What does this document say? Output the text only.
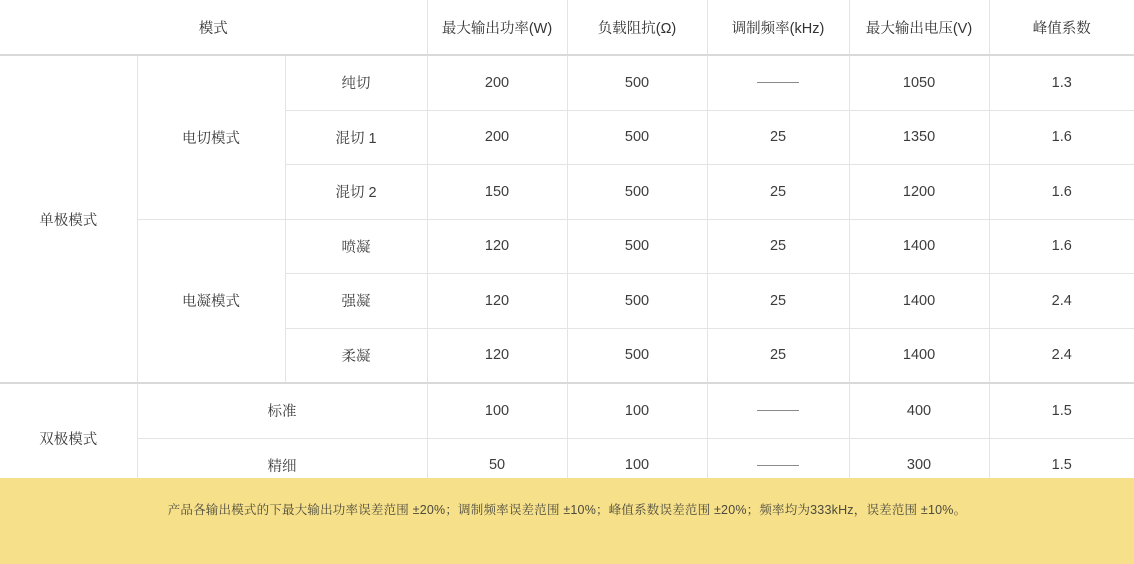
模式			最大输出功率(W)	负载阻抗(Ω)	调制频率(kHz)	最大输出电压(V)	峰值系数
单极模式	电切模式	纯切	200	500		1050	1.3
		混切 1	200	500	25	1350	1.6
		混切 2	150	500	25	1200	1.6
	电凝模式	喷凝	120	500	25	1400	1.6
		强凝	120	500	25	1400	2.4
		柔凝	120	500	25	1400	2.4
双极模式	标准		100	100		400	1.5
	精细		50	100		300	1.5
产品各输出模式的下最大输出功率误差范围 ±20%；调制频率误差范围 ±10%；峰值系数误差范围 ±20%；频率均为333kHz，误差范围 ±10%。
